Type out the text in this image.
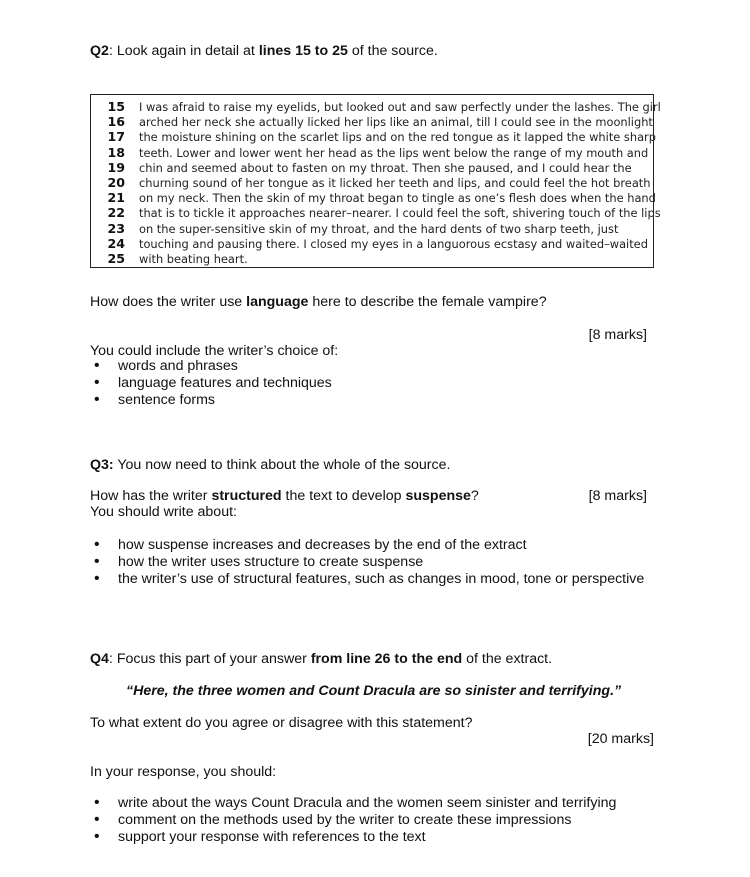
Q2: Look again in detail at lines 15 to 25 of the source.
15 I was afraid to raise my eyelids, but looked out and saw perfectly under the lashes. The girl
16 arched her neck she actually licked her lips like an animal, till I could see in the moonlight
17 the moisture shining on the scarlet lips and on the red tongue as it lapped the white sharp
18 teeth. Lower and lower went her head as the lips went below the range of my mouth and
19 chin and seemed about to fasten on my throat. Then she paused, and I could hear the
20 churning sound of her tongue as it licked her teeth and lips, and could feel the hot breath
21 on my neck. Then the skin of my throat began to tingle as one’s flesh does when the hand
22 that is to tickle it approaches nearer–nearer. I could feel the soft, shivering touch of the lips
23 on the super-sensitive skin of my throat, and the hard dents of two sharp teeth, just
24 touching and pausing there. I closed my eyes in a languorous ecstasy and waited–waited
25 with beating heart.
How does the writer use language here to describe the female vampire?
[8 marks]
You could include the writer’s choice of:
• words and phrases
• language features and techniques
• sentence forms
Q3: You now need to think about the whole of the source.
How has the writer structured the text to develop suspense?	[8 marks]
You should write about:
• how suspense increases and decreases by the end of the extract
• how the writer uses structure to create suspense
• the writer’s use of structural features, such as changes in mood, tone or perspective
Q4: Focus this part of your answer from line 26 to the end of the extract.
“Here, the three women and Count Dracula are so sinister and terrifying.”
To what extent do you agree or disagree with this statement?
[20 marks]
In your response, you should:
• write about the ways Count Dracula and the women seem sinister and terrifying
• comment on the methods used by the writer to create these impressions
• support your response with references to the text
